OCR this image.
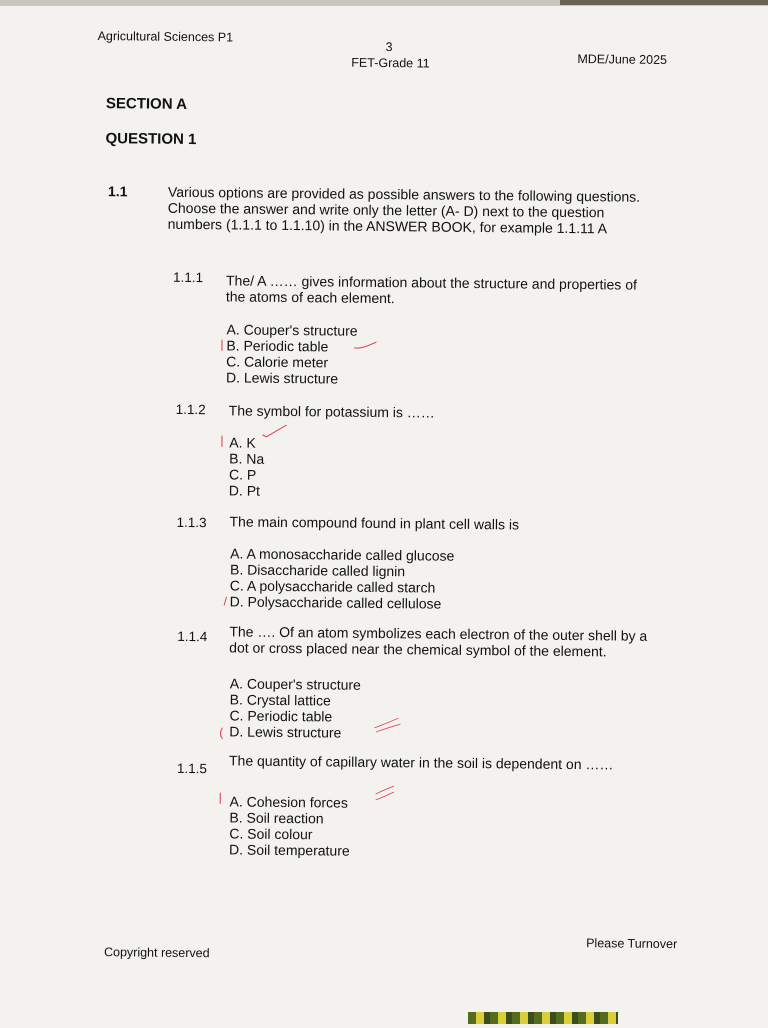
Agricultural Sciences P1
3
FET-Grade 11	MDE/June 2025
SECTION A
QUESTION 1
1.1	Various options are provided as possible answers to the following questions. Choose the answer and write only the letter (A- D) next to the question numbers (1.1.1 to 1.1.10) in the ANSWER BOOK, for example 1.1.11 A
1.1.1 The/ A …… gives information about the structure and properties of the atoms of each element.
A. Couper's structure
B. Periodic table
C. Calorie meter
D. Lewis structure
|
1.1.2 The symbol for potassium is ……
A. K
B. Na
C. P
D. Pt
|
1.1.3 The main compound found in plant cell walls is
A. A monosaccharide called glucose
B. Disaccharide called lignin
C. A polysaccharide called starch
D. Polysaccharide called cellulose
/
1.1.4 The …. Of an atom symbolizes each electron of the outer shell by a dot or cross placed near the chemical symbol of the element.
A. Couper's structure
B. Crystal lattice
C. Periodic table
D. Lewis structure
(
1.1.5 The quantity of capillary water in the soil is dependent on ……
A. Cohesion forces
B. Soil reaction
C. Soil colour
D. Soil temperature
|
Copyright reserved
Please Turnover
